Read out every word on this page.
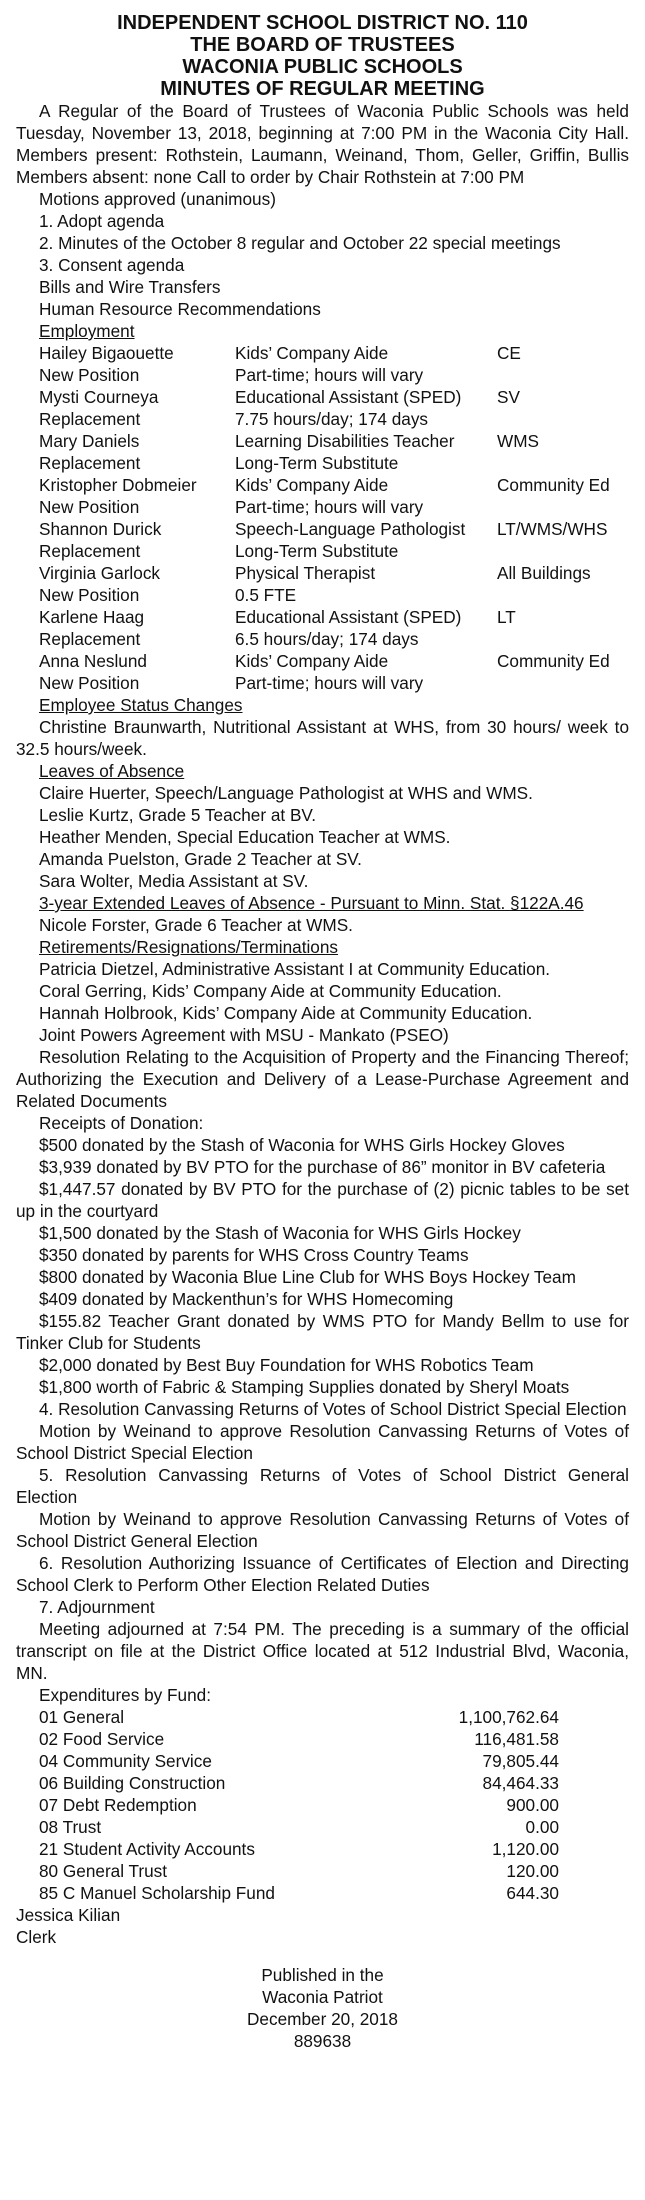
INDEPENDENT SCHOOL DISTRICT NO. 110
THE BOARD OF TRUSTEES
WACONIA PUBLIC SCHOOLS
MINUTES OF REGULAR MEETING

A Regular of the Board of Trustees of Waconia Public Schools was held Tuesday, November 13, 2018, beginning at 7:00 PM in the Waconia City Hall. Members present: Rothstein, Laumann, Weinand, Thom, Geller, Griffin, Bullis Members absent: none Call to order by Chair Rothstein at 7:00 PM

Motions approved (unanimous)
1. Adopt agenda
2. Minutes of the October 8 regular and October 22 special meetings
3. Consent agenda
Bills and Wire Transfers
Human Resource Recommendations
Employment
Hailey Bigaouette	Kids’ Company Aide	CE
New Position	Part-time; hours will vary
Mysti Courneya	Educational Assistant (SPED)	SV
Replacement	7.75 hours/day; 174 days
Mary Daniels	Learning Disabilities Teacher	WMS
Replacement	Long-Term Substitute
Kristopher Dobmeier	Kids’ Company Aide	Community Ed
New Position	Part-time; hours will vary
Shannon Durick	Speech-Language Pathologist	LT/WMS/WHS
Replacement	Long-Term Substitute
Virginia Garlock	Physical Therapist	All Buildings
New Position	0.5 FTE
Karlene Haag	Educational Assistant (SPED)	LT
Replacement	6.5 hours/day; 174 days
Anna Neslund	Kids’ Company Aide	Community Ed
New Position	Part-time; hours will vary
Employee Status Changes

Christine Braunwarth, Nutritional Assistant at WHS, from 30 hours/ week to 32.5 hours/week.

Leaves of Absence
Claire Huerter, Speech/Language Pathologist at WHS and WMS.
Leslie Kurtz, Grade 5 Teacher at BV.
Heather Menden, Special Education Teacher at WMS.
Amanda Puelston, Grade 2 Teacher at SV.
Sara Wolter, Media Assistant at SV.

3-year Extended Leaves of Absence - Pursuant to Minn. Stat. §122A.46

Nicole Forster, Grade 6 Teacher at WMS.
Retirements/Resignations/Terminations
Patricia Dietzel, Administrative Assistant I at Community Education.
Coral Gerring, Kids’ Company Aide at Community Education.
Hannah Holbrook, Kids’ Company Aide at Community Education.
Joint Powers Agreement with MSU - Mankato (PSEO)

Resolution Relating to the Acquisition of Property and the Financing Thereof; Authorizing the Execution and Delivery of a Lease-Purchase Agreement and Related Documents

Receipts of Donation:

$500 donated by the Stash of Waconia for WHS Girls Hockey Gloves

$3,939 donated by BV PTO for the purchase of 86” monitor in BV cafeteria

$1,447.57 donated by BV PTO for the purchase of (2) picnic tables to be set up in the courtyard

$1,500 donated by the Stash of Waconia for WHS Girls Hockey

$350 donated by parents for WHS Cross Country Teams

$800 donated by Waconia Blue Line Club for WHS Boys Hockey Team

$409 donated by Mackenthun’s for WHS Homecoming

$155.82 Teacher Grant donated by WMS PTO for Mandy Bellm to use for Tinker Club for Students

$2,000 donated by Best Buy Foundation for WHS Robotics Team

$1,800 worth of Fabric & Stamping Supplies donated by Sheryl Moats

4. Resolution Canvassing Returns of Votes of School District Special Election

Motion by Weinand to approve Resolution Canvassing Returns of Votes of School District Special Election

5. Resolution Canvassing Returns of Votes of School District General Election

Motion by Weinand to approve Resolution Canvassing Returns of Votes of School District General Election

6. Resolution Authorizing Issuance of Certificates of Election and Directing School Clerk to Perform Other Election Related Duties

7. Adjournment

Meeting adjourned at 7:54 PM. The preceding is a summary of the official transcript on file at the District Office located at 512 Industrial Blvd, Waconia, MN.

Expenditures by Fund:
01 General	1,100,762.64
02 Food Service	116,481.58
04 Community Service	79,805.44
06 Building Construction	84,464.33
07 Debt Redemption	900.00
08 Trust	0.00
21 Student Activity Accounts	1,120.00
80 General Trust	120.00
85 C Manuel Scholarship Fund	644.30
Jessica Kilian
Clerk
Published in the
Waconia Patriot
December 20, 2018
889638
